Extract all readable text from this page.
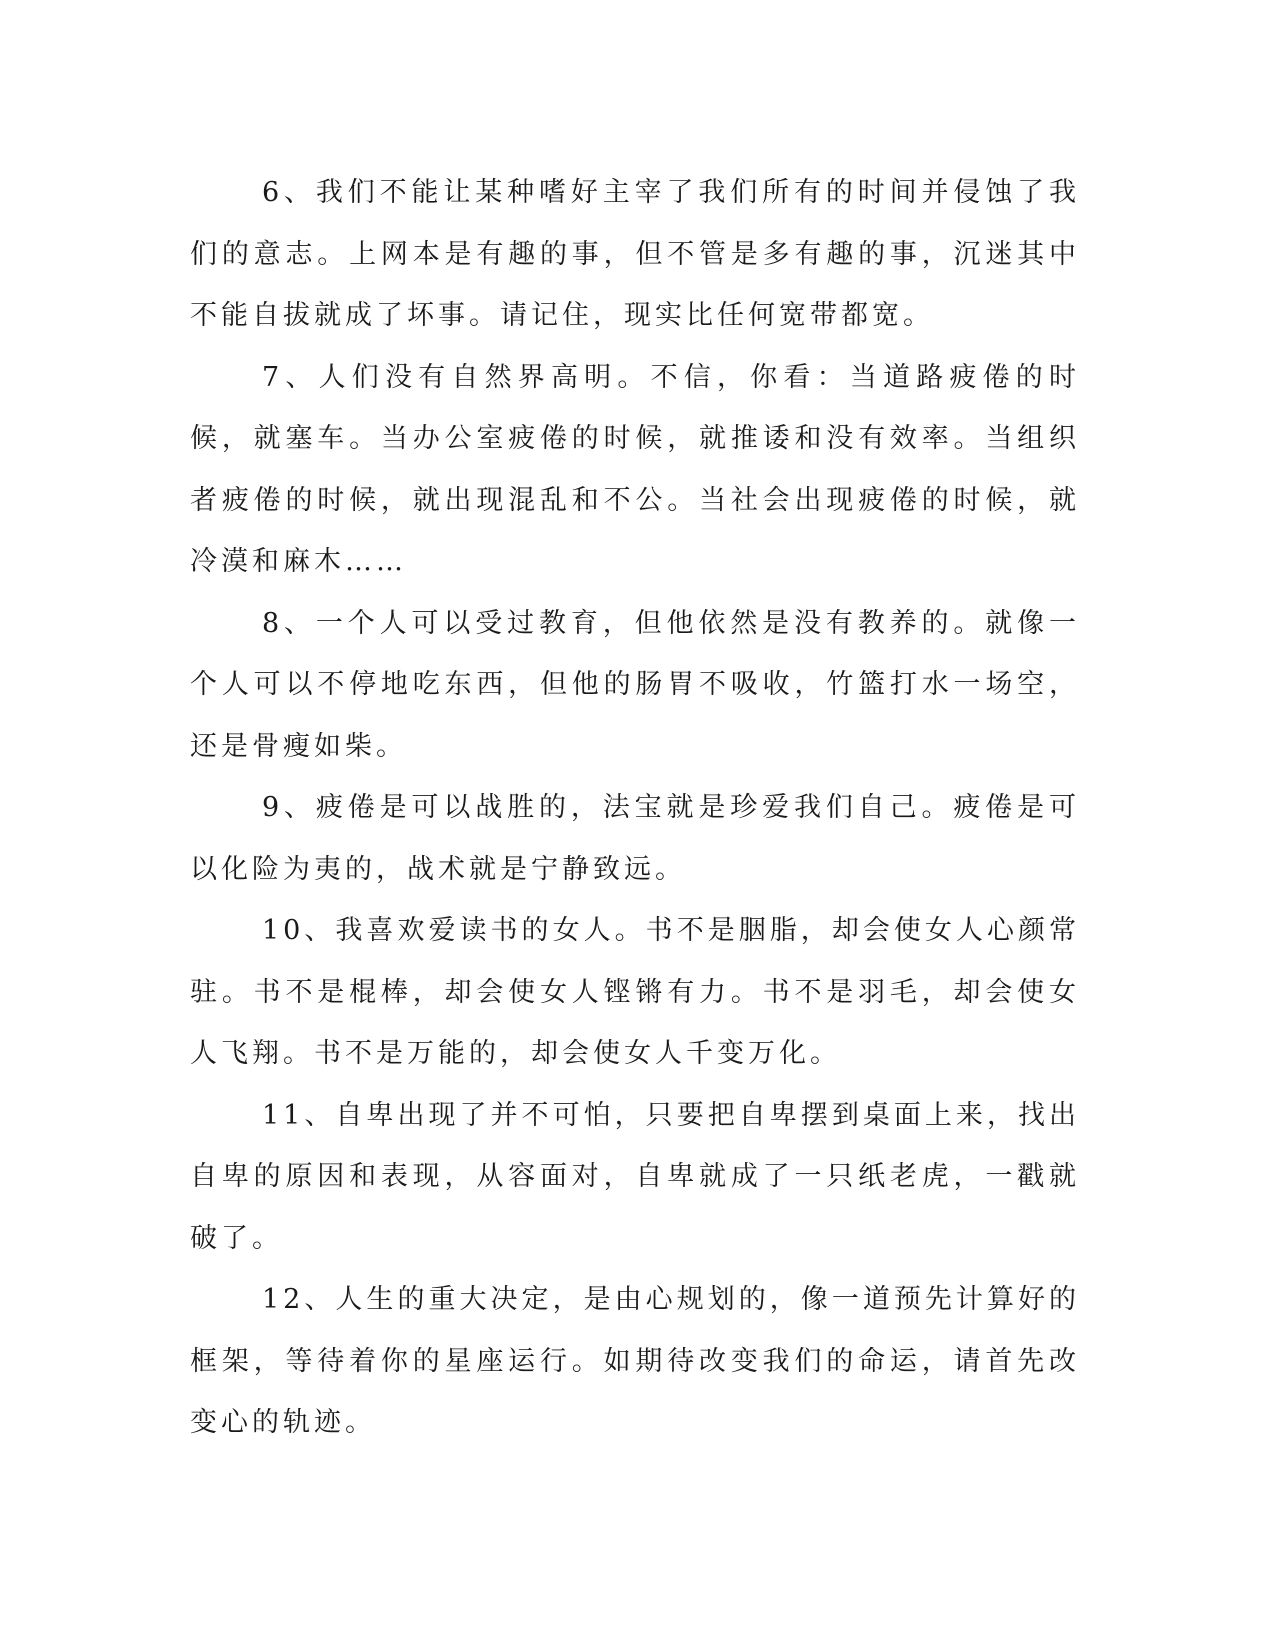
6、我们不能让某种嗜好主宰了我们所有的时间并侵蚀了我们的意志。上网本是有趣的事，但不管是多有趣的事，沉迷其中不能自拔就成了坏事。请记住，现实比任何宽带都宽。

7、人们没有自然界高明。不信，你看：当道路疲倦的时候，就塞车。当办公室疲倦的时候，就推诿和没有效率。当组织者疲倦的时候，就出现混乱和不公。当社会出现疲倦的时候，就冷漠和麻木……

8、一个人可以受过教育，但他依然是没有教养的。就像一个人可以不停地吃东西，但他的肠胃不吸收，竹篮打水一场空，还是骨瘦如柴。

9、疲倦是可以战胜的，法宝就是珍爱我们自己。疲倦是可以化险为夷的，战术就是宁静致远。

10、我喜欢爱读书的女人。书不是胭脂，却会使女人心颜常驻。书不是棍棒，却会使女人铿锵有力。书不是羽毛，却会使女人飞翔。书不是万能的，却会使女人千变万化。

11、自卑出现了并不可怕，只要把自卑摆到桌面上来，找出自卑的原因和表现，从容面对，自卑就成了一只纸老虎，一戳就破了。

12、人生的重大决定，是由心规划的，像一道预先计算好的框架，等待着你的星座运行。如期待改变我们的命运，请首先改变心的轨迹。
